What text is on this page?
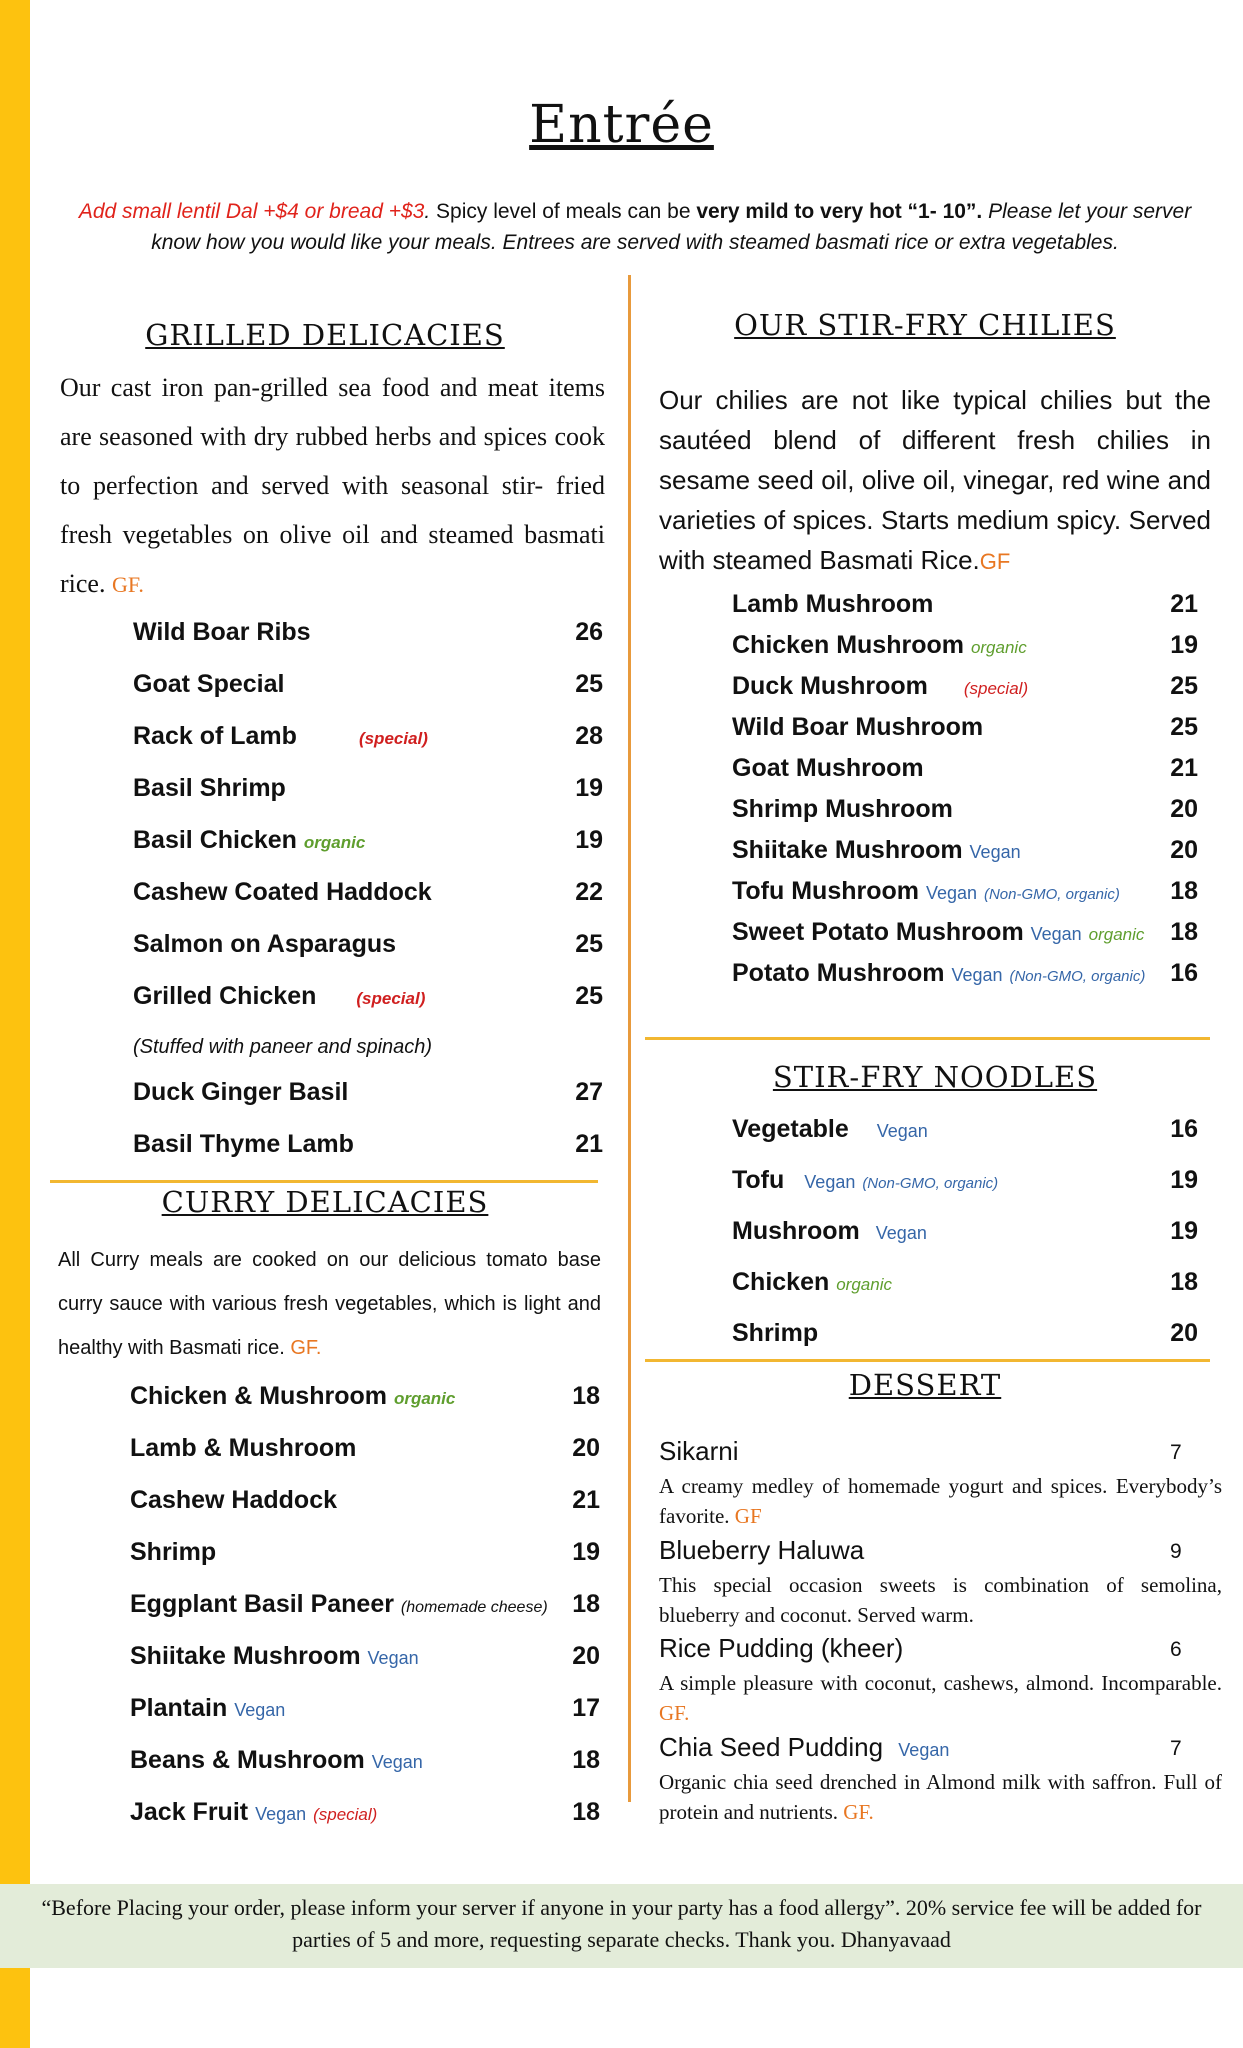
Entrée
Add small lentil Dal +$4 or bread +$3. Spicy level of meals can be very mild to very hot “1- 10”. Please let your server know how you would like your meals. Entrees are served with steamed basmati rice or extra vegetables.
GRILLED DELICACIES
Our cast iron pan-grilled sea food and meat items are seasoned with dry rubbed herbs and spices cook to perfection and served with seasonal stir- fried fresh vegetables on olive oil and steamed basmati rice. GF.
Wild Boar Ribs	26
Goat Special	25
Rack of Lamb	(special)	28
Basil Shrimp	19
Basil Chicken organic	19
Cashew Coated Haddock	22
Salmon on Asparagus	25
Grilled Chicken (special)	25
(Stuffed with paneer and spinach)
Duck Ginger Basil	27
Basil Thyme Lamb	21
CURRY DELICACIES
All Curry meals are cooked on our delicious tomato base curry sauce with various fresh vegetables, which is light and healthy with Basmati rice. GF.
Chicken & Mushroom organic	18
Lamb & Mushroom	20
Cashew Haddock	21
Shrimp	19
Eggplant Basil Paneer (homemade cheese) 18
Shiitake Mushroom Vegan	20
Plantain Vegan	17
Beans & Mushroom Vegan	18
Jack Fruit Vegan (special)	18
OUR STIR-FRY CHILIES
Our chilies are not like typical chilies but the sautéed blend of different fresh chilies in sesame seed oil, olive oil, vinegar, red wine and varieties of spices. Starts medium spicy. Served with steamed Basmati Rice.GF
Lamb Mushroom	21
Chicken Mushroom organic	19
Duck Mushroom (special)	25
Wild Boar Mushroom	25
Goat Mushroom	21
Shrimp Mushroom	20
Shiitake Mushroom Vegan	20
Tofu Mushroom Vegan (Non-GMO, organic)	18
Sweet Potato Mushroom Vegan organic	18
Potato Mushroom Vegan (Non-GMO, organic) 16
STIR-FRY NOODLES
Vegetable Vegan	16
Tofu Vegan (Non-GMO, organic)	19
Mushroom Vegan	19
Chicken organic	18
Shrimp	20
DESSERT
Sikarni	7
A creamy medley of homemade yogurt and spices. Everybody’s favorite. GF
Blueberry Haluwa	9
This special occasion sweets is combination of semolina, blueberry and coconut. Served warm.
Rice Pudding (kheer)	6
A simple pleasure with coconut, cashews, almond. Incomparable. GF.
Chia Seed Pudding Vegan	7
Organic chia seed drenched in Almond milk with saffron. Full of protein and nutrients. GF.
“Before Placing your order, please inform your server if anyone in your party has a food allergy”. 20% service fee will be added for parties of 5 and more, requesting separate checks. Thank you. Dhanyavaad
